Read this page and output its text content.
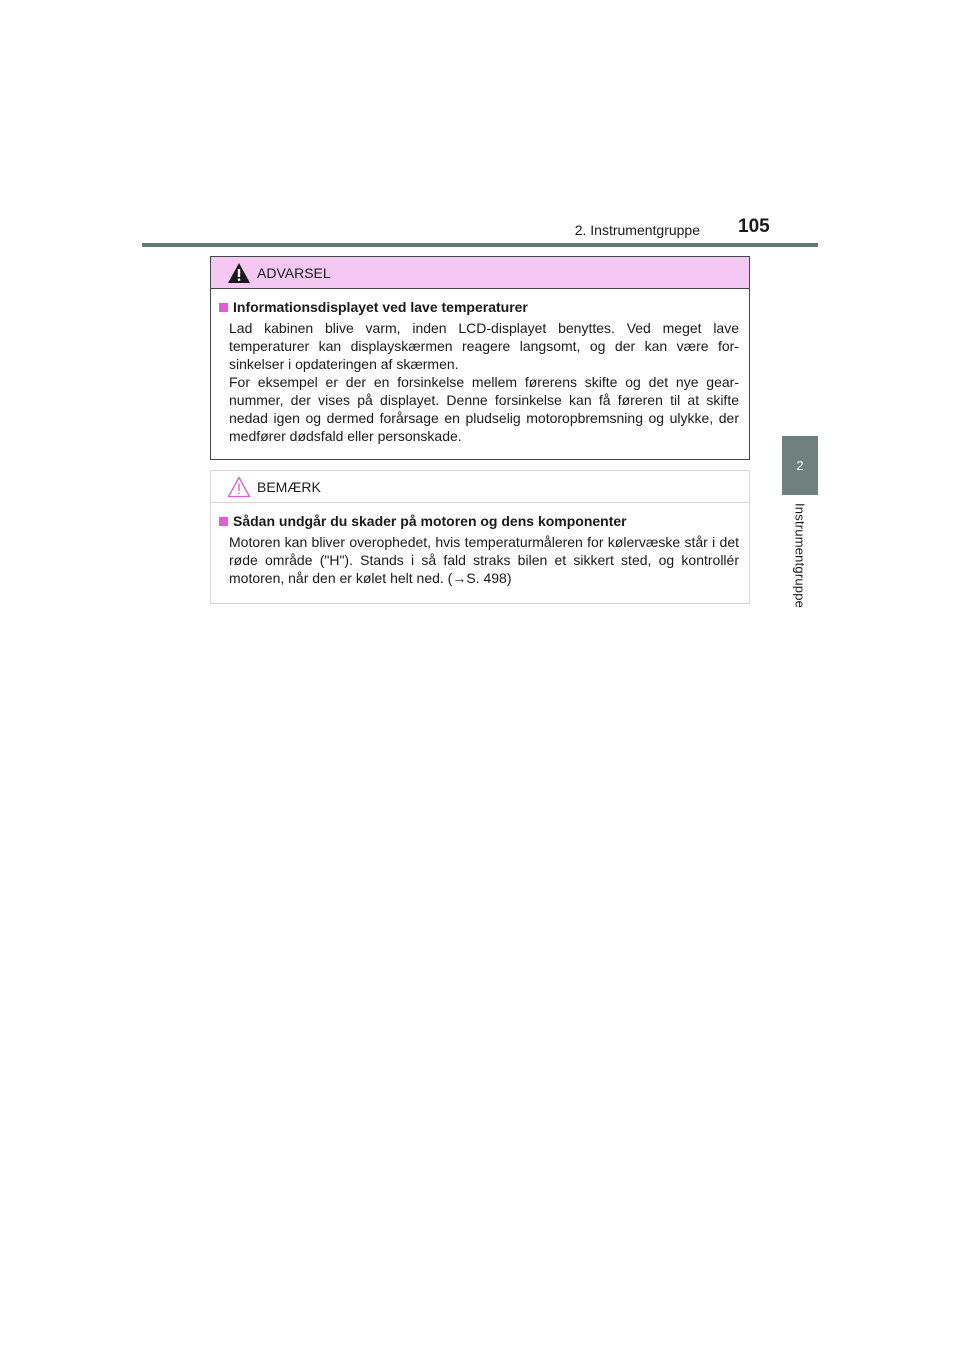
2. Instrumentgruppe 105
2
Instrumentgruppe
ADVARSEL
Informationsdisplayet ved lave temperaturer

Lad kabinen blive varm, inden LCD-displayet benyttes. Ved meget lave temperaturer kan displayskærmen reagere langsomt, og der kan være for-sinkelser i opdateringen af skærmen.

For eksempel er der en forsinkelse mellem førerens skifte og det nye gear-nummer, der vises på displayet. Denne forsinkelse kan få føreren til at skifte nedad igen og dermed forårsage en pludselig motoropbremsning og ulykke, der medfører dødsfald eller personskade.

BEMÆRK
Sådan undgår du skader på motoren og dens komponenter

Motoren kan bliver overophedet, hvis temperaturmåleren for kølervæske står i det røde område ("H"). Stands i så fald straks bilen et sikkert sted, og kontrollér motoren, når den er kølet helt ned. (→S. 498)
